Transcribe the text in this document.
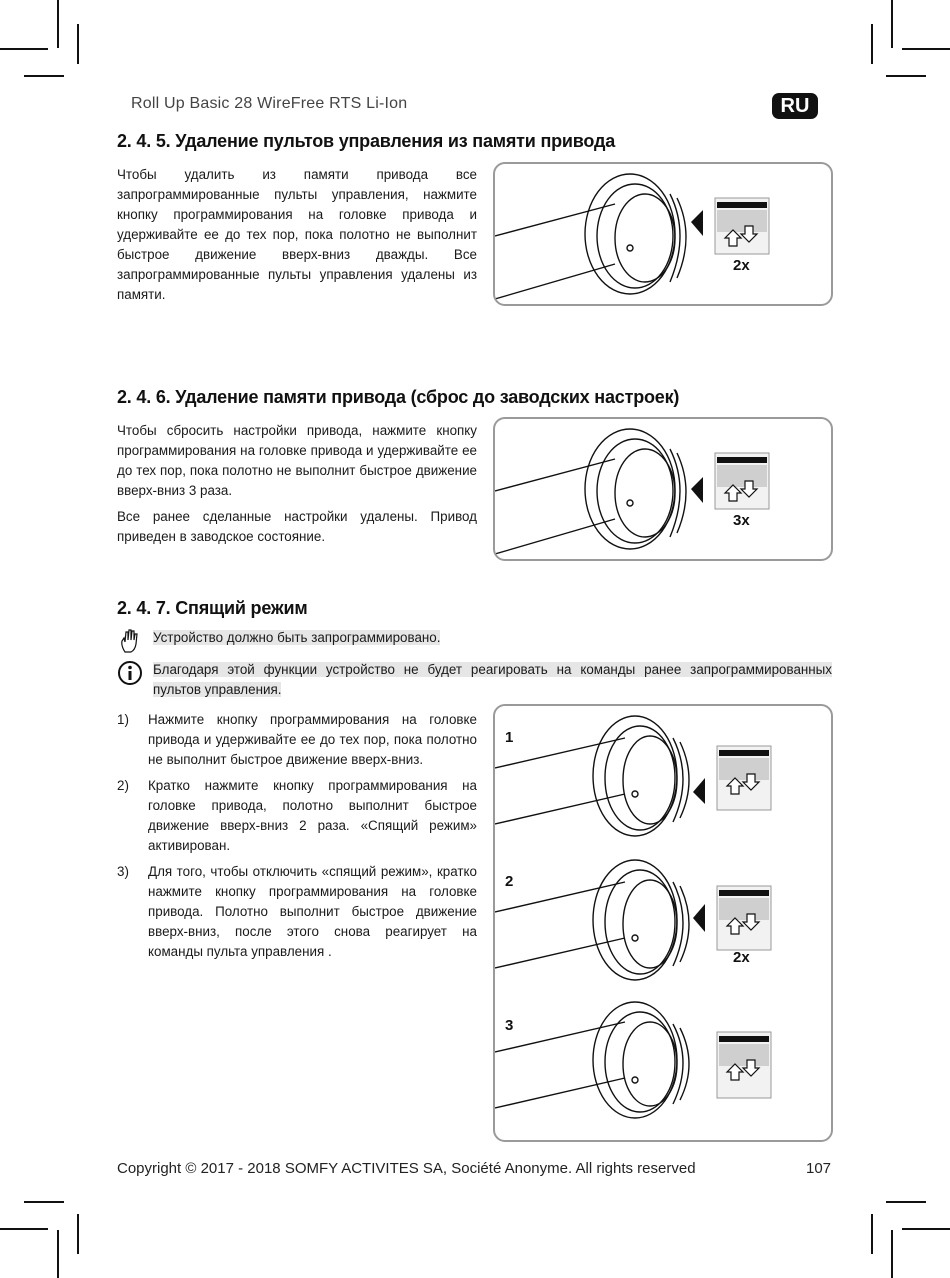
Roll Up Basic 28 WireFree RTS Li-Ion	RU
2. 4. 5. Удаление пультов управления из памяти привода

Чтобы удалить из памяти привода все запрограммированные пульты управления, нажмите кнопку программирования на головке привода и удерживайте ее до тех пор, пока полотно не выполнит быстрое движение вверх-вниз дважды. Все запрограммированные пульты управления удалены из памяти.

2x
2. 4. 6. Удаление памяти привода (сброс до заводских настроек)

Чтобы сбросить настройки привода, нажмите кнопку программирования на головке привода и удерживайте ее до тех пор, пока полотно не выполнит быстрое движение вверх-вниз 3 раза.

Все ранее сделанные настройки удалены. Привод приведен в заводское состояние.

3x
2. 4. 7. Спящий режим
Устройство должно быть запрограммировано.
Благодаря этой функции устройство не будет реагировать на команды ранее запрограммированных пультов управления.
1)	Нажмите кнопку программирования на головке привода и удерживайте ее до тех пор, пока полотно не выполнит быстрое движение вверх-вниз.
2)	Кратко нажмите кнопку программирования на головке привода, полотно выполнит быстрое движение вверх-вниз 2 раза. «Спящий режим» активирован.
3)	Для того, чтобы отключить «спящий режим», кратко нажмите кнопку программирования на головке привода. Полотно выполнит быстрое движение вверх-вниз, после этого снова реагирует на команды пульта управления .
1
2
2x
3
Copyright © 2017 - 2018 SOMFY ACTIVITES SA, Société Anonyme. All rights reserved	107
